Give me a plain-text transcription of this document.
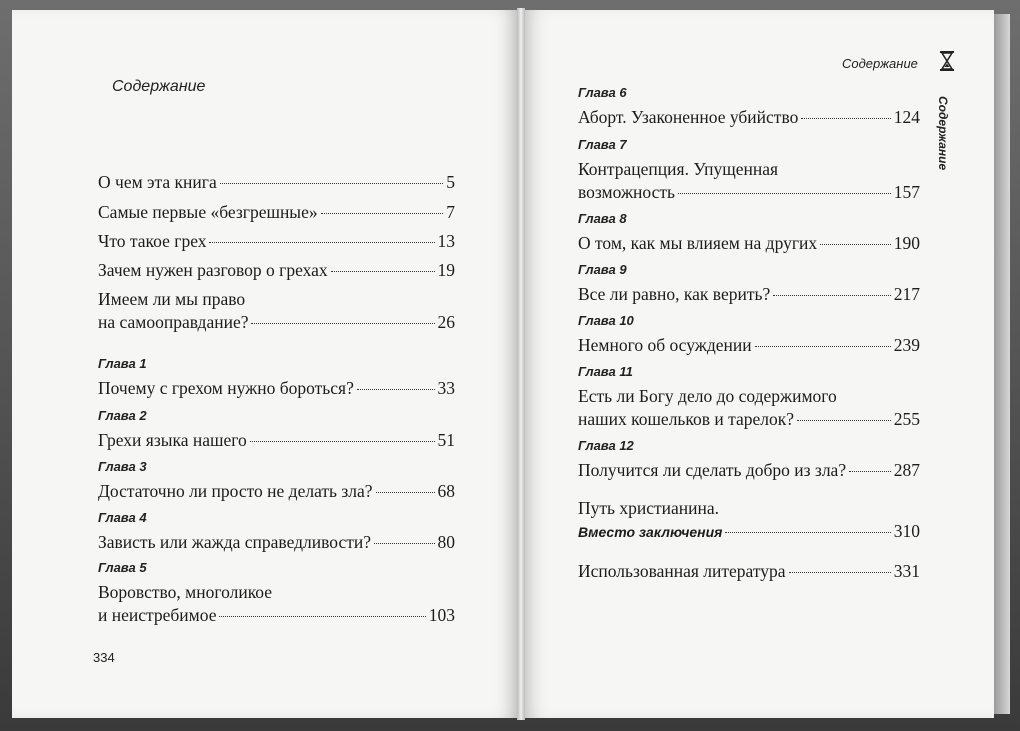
Содержание
334
Содержание
Содержание
О чем эта книга	5
Самые первые «безгрешные»	7
Что такое грех	13
Зачем нужен разговор о грехах	19
Имеем ли мы право
на самооправдание?	26
Глава 1
Почему с грехом нужно бороться?	33
Глава 2
Грехи языка нашего	51
Глава 3
Достаточно ли просто не делать зла?	68
Глава 4
Зависть или жажда справедливости?	80
Глава 5
Воровство, многоликое
и неистребимое	103
Глава 6
Аборт. Узаконенное убийство	124
Глава 7
Контрацепция. Упущенная
возможность	157
Глава 8
О том, как мы влияем на других	190
Глава 9
Все ли равно, как верить?	217
Глава 10
Немного об осуждении	239
Глава 11
Есть ли Богу дело до содержимого
наших кошельков и тарелок?	255
Глава 12
Получится ли сделать добро из зла?	287
Путь христианина.
Вместо заключения	310
Использованная литература	331
